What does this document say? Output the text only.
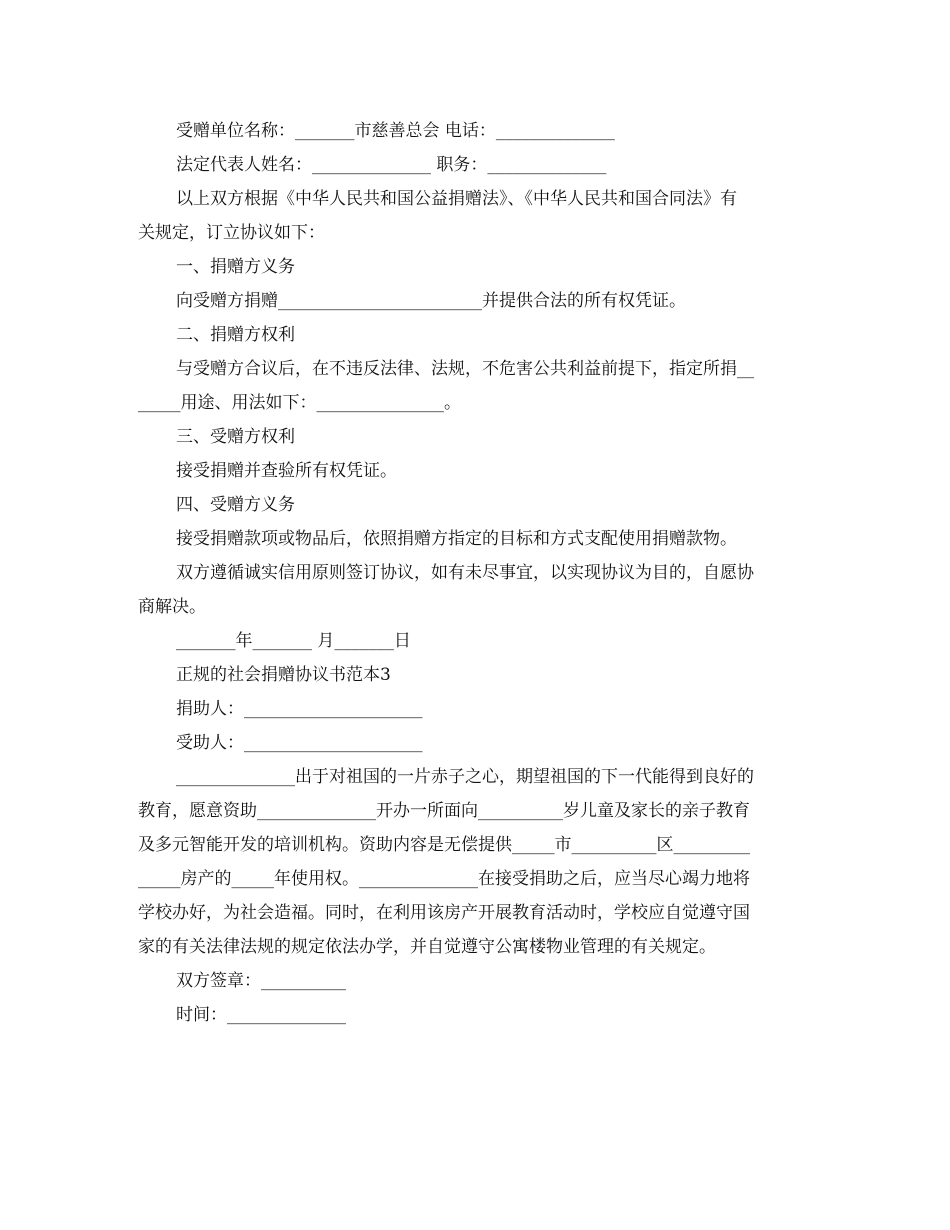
受赠单位名称：_______市慈善总会 电话：______________
法定代表人姓名：______________ 职务：______________
以上双方根据《中华人民共和国公益捐赠法》、《中华人民共和国合同法》有
关规定，订立协议如下：
一、捐赠方义务
向受赠方捐赠________________________并提供合法的所有权凭证。
二、捐赠方权利
与受赠方合议后，在不违反法律、法规，不危害公共利益前提下，指定所捐__
_____用途、用法如下：_______________。
三、受赠方权利
接受捐赠并查验所有权凭证。
四、受赠方义务
接受捐赠款项或物品后，依照捐赠方指定的目标和方式支配使用捐赠款物。
双方遵循诚实信用原则签订协议，如有未尽事宜，以实现协议为目的，自愿协
商解决。
_______年_______ 月_______日
正规的社会捐赠协议书范本3
捐助人：_____________________
受助人：_____________________
______________出于对祖国的一片赤子之心，期望祖国的下一代能得到良好的
教育，愿意资助______________开办一所面向__________岁儿童及家长的亲子教育
及多元智能开发的培训机构。资助内容是无偿提供_____市__________区_________
_____房产的_____年使用权。______________在接受捐助之后，应当尽心竭力地将
学校办好，为社会造福。同时，在利用该房产开展教育活动时，学校应自觉遵守国
家的有关法律法规的规定依法办学，并自觉遵守公寓楼物业管理的有关规定。
双方签章：__________
时间：______________
